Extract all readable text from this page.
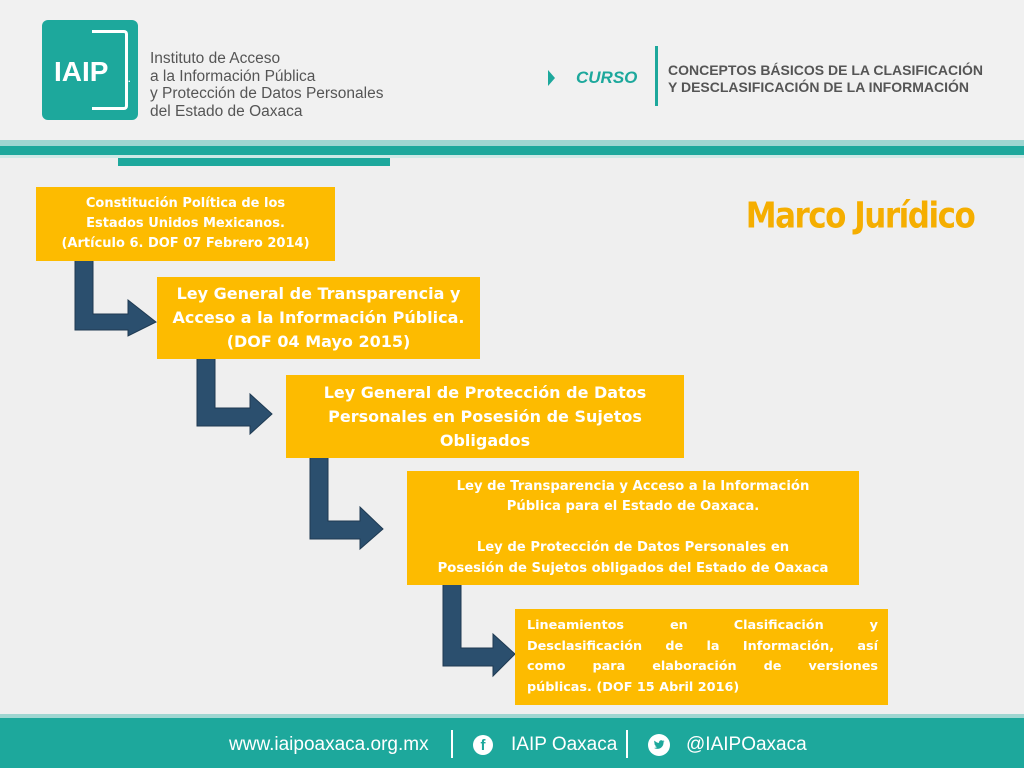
IAIP .
Instituto de Acceso
a la Información Pública
y Protección de Datos Personales
del Estado de Oaxaca
CURSO CONCEPTOS BÁSICOS DE LA CLASIFICACIÓN
Y DESCLASIFICACIÓN DE LA INFORMACIÓN
Marco Jurídico
Constitución Política de los
Estados Unidos Mexicanos.
(Artículo 6. DOF 07 Febrero 2014)
Ley General de Transparencia y
Acceso a la Información Pública.
(DOF 04 Mayo 2015)
Ley General de Protección de Datos
Personales en Posesión de Sujetos
Obligados
Ley de Transparencia y Acceso a la Información
Pública para el Estado de Oaxaca.
Ley de Protección de Datos Personales en
Posesión de Sujetos obligados del Estado de Oaxaca
Lineamientos en Clasificación y
Desclasificación de la Información, así
como para elaboración de versiones
públicas. (DOF 15 Abril 2016)
www.iaipoaxaca.org.mx	f	IAIP Oaxaca	@IAIPOaxaca
